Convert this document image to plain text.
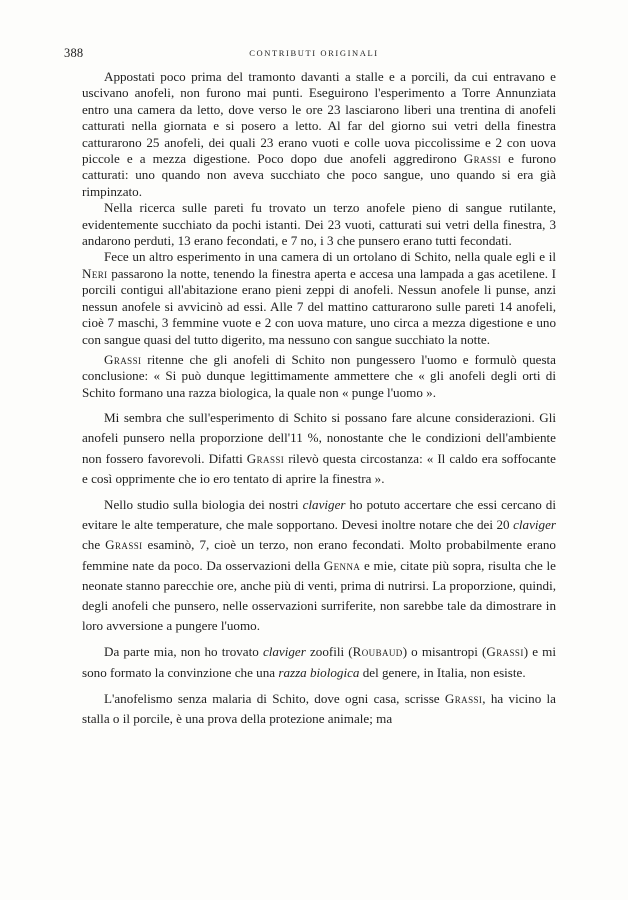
388	CONTRIBUTI ORIGINALI

Appostati poco prima del tramonto davanti a stalle e a porcili, da cui entravano e uscivano anofeli, non furono mai punti. Eseguirono l'esperimento a Torre Annunziata entro una camera da letto, dove verso le ore 23 lasciarono liberi una trentina di anofeli catturati nella giornata e si posero a letto. Al far del giorno sui vetri della finestra catturarono 25 anofeli, dei quali 23 erano vuoti e colle uova piccolissime e 2 con uova piccole e a mezza digestione. Poco dopo due anofeli aggredirono Grassi e furono catturati: uno quando non aveva succhiato che poco sangue, uno quando si era già rimpinzato.

Nella ricerca sulle pareti fu trovato un terzo anofele pieno di sangue rutilante, evidentemente succhiato da pochi istanti. Dei 23 vuoti, catturati sui vetri della finestra, 3 andarono perduti, 13 erano fecondati, e 7 no, i 3 che punsero erano tutti fecondati.

Fece un altro esperimento in una camera di un ortolano di Schito, nella quale egli e il Neri passarono la notte, tenendo la finestra aperta e accesa una lampada a gas acetilene. I porcili contigui all'abitazione erano pieni zeppi di anofeli. Nessun anofele li punse, anzi nessun anofele si avvicinò ad essi. Alle 7 del mattino catturarono sulle pareti 14 anofeli, cioè 7 maschi, 3 femmine vuote e 2 con uova mature, uno circa a mezza digestione e uno con sangue quasi del tutto digerito, ma nessuno con sangue succhiato la notte.

Grassi ritenne che gli anofeli di Schito non pungessero l'uomo e formulò questa conclusione: « Si può dunque legittimamente ammettere che « gli anofeli degli orti di Schito formano una razza biologica, la quale non « punge l'uomo ».

Mi sembra che sull'esperimento di Schito si possano fare alcune considerazioni. Gli anofeli punsero nella proporzione dell'11 %, nonostante che le condizioni dell'ambiente non fossero favorevoli. Difatti Grassi rilevò questa circostanza: « Il caldo era soffocante e così opprimente che io ero tentato di aprire la finestra ».

Nello studio sulla biologia dei nostri claviger ho potuto accertare che essi cercano di evitare le alte temperature, che male sopportano. Devesi inoltre notare che dei 20 claviger che Grassi esaminò, 7, cioè un terzo, non erano fecondati. Molto probabilmente erano femmine nate da poco. Da osservazioni della Genna e mie, citate più sopra, risulta che le neonate stanno parecchie ore, anche più di venti, prima di nutrirsi. La proporzione, quindi, degli anofeli che punsero, nelle osservazioni surriferite, non sarebbe tale da dimostrare in loro avversione a pungere l'uomo.

Da parte mia, non ho trovato claviger zoofili (Roubaud) o misantropi (Grassi) e mi sono formato la convinzione che una razza biologica del genere, in Italia, non esiste.

L'anofelismo senza malaria di Schito, dove ogni casa, scrisse Grassi, ha vicino la stalla o il porcile, è una prova della protezione animale; ma
